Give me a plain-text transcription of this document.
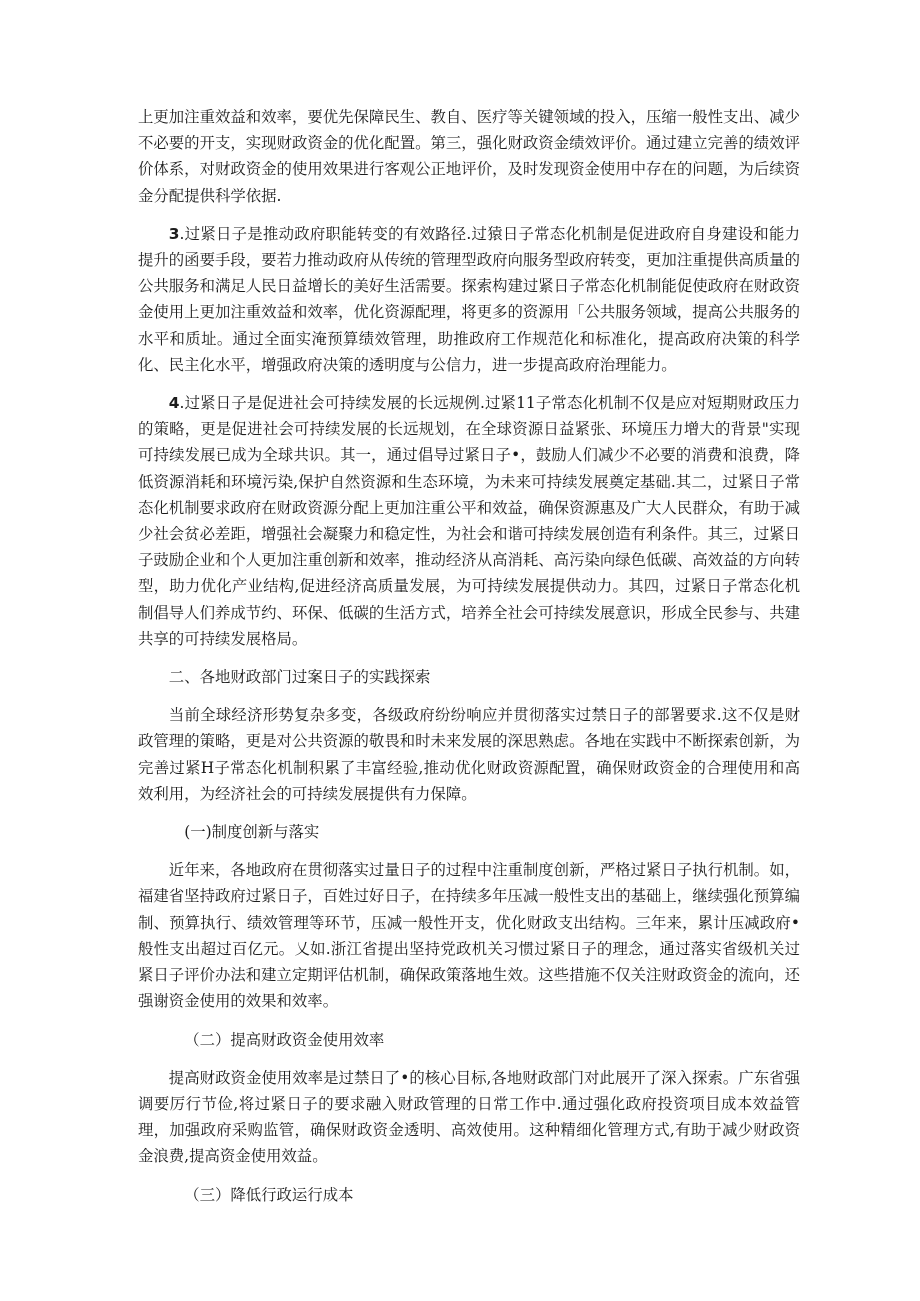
上更加注重效益和效率，要优先保障民生、教自、医疗等关键领域的投入，压缩一般性支出、减少不必要的开支，实现财政资金的优化配置。第三，强化财政资金绩效评价。通过建立完善的绩效评价体系，对财政资金的使用效果进行客观公正地评价，及时发现资金使用中存在的问题，为后续资金分配提供科学依据.

3.过紧日子是推动政府职能转变的有效路径.过猿日子常态化机制是促进政府自身建设和能力提升的函要手段，要若力推动政府从传统的管理型政府向服务型政府转变，更加注重提供高质量的公共服务和满足人民日益增长的美好生活需要。探索构建过紧日子常态化机制能促使政府在财政资金使用上更加注重效益和效率，优化资源配理，将更多的资源用「公共服务领域，提高公共服务的水平和质址。通过全面实淹预算绩效管理，助推政府工作规范化和标准化，提高政府决策的科学化、民主化水平，增强政府决策的透明度与公信力，进一步提高政府治理能力。

4.过紧日子是促进社会可持续发展的长远规例.过紧11子常态化机制不仅是应对短期财政压力的策略，更是促进社会可持续发展的长远规划，在全球资源日益紧张、环境压力增大的背景"实现可持续发展已成为全球共识。其一，通过倡导过紧日子•，鼓励人们减少不必要的消费和浪费，降低资源消耗和环境污染,保护自然资源和生态环境，为未来可持续发展奠定基础.其二，过紧日子常态化机制要求政府在财政资源分配上更加注重公平和效益，确保资源惠及广大人民群众，有助于减少社会贫必差距，增强社会凝聚力和稳定性，为社会和谐可持续发展创造有利条件。其三，过紧日子豉励企业和个人更加注重创新和效率，推动经济从高消耗、高污染向绿色低碳、高效益的方向转型，助力优化产业结构,促进经济高质量发展，为可持续发展提供动力。其四，过紧日子常态化机制倡导人们养成节约、环保、低碳的生活方式，培养全社会可持续发展意识，形成全民参与、共建共享的可持续发展格局。

二、各地财政部门过案日子的实践探索

当前全球经济形势复杂多变，各级政府纷纷响应并贯彻落实过禁日子的部署要求.这不仅是财政管理的策略，更是对公共资源的敬畏和时未来发展的深思熟虑。各地在实践中不断探索创新，为完善过紧H子常态化机制积累了丰富经验,推动优化财政资源配置，确保财政资金的合理使用和高效利用，为经济社会的可持续发展提供有力保障。

(一)制度创新与落实

近年来，各地政府在贯彻落实过量日子的过程中注重制度创新，严格过紧日子执行机制。如，福建省坚持政府过紧日子，百姓过好日子，在持续多年压减一般性支出的基础上，继续强化预算编制、预算执行、绩效管理等环节，压减一般性开支，优化财政支出结构。三年来，累计压减政府•般性支出超过百亿元。乂如.浙江省提出坚持党政机关习惯过紧日子的理念，通过落实省级机关过紧日子评价办法和建立定期评估机制，确保政策落地生效。这些措施不仅关注财政资金的流向，还强谢资金使用的效果和效率。

（二）提高财政资金使用效率

提高财政资金使用效率是过禁日了•的核心目标,各地财政部门对此展开了深入探索。广东省强调要厉行节俭,将过紧日子的要求融入财政管理的日常工作中.通过强化政府投资项目成本效益管理，加强政府采购监管，确保财政资金透明、高效使用。这种精细化管理方式,有助于减少财政资金浪费,提高资金使用效益。

（三）降低行政运行成本
